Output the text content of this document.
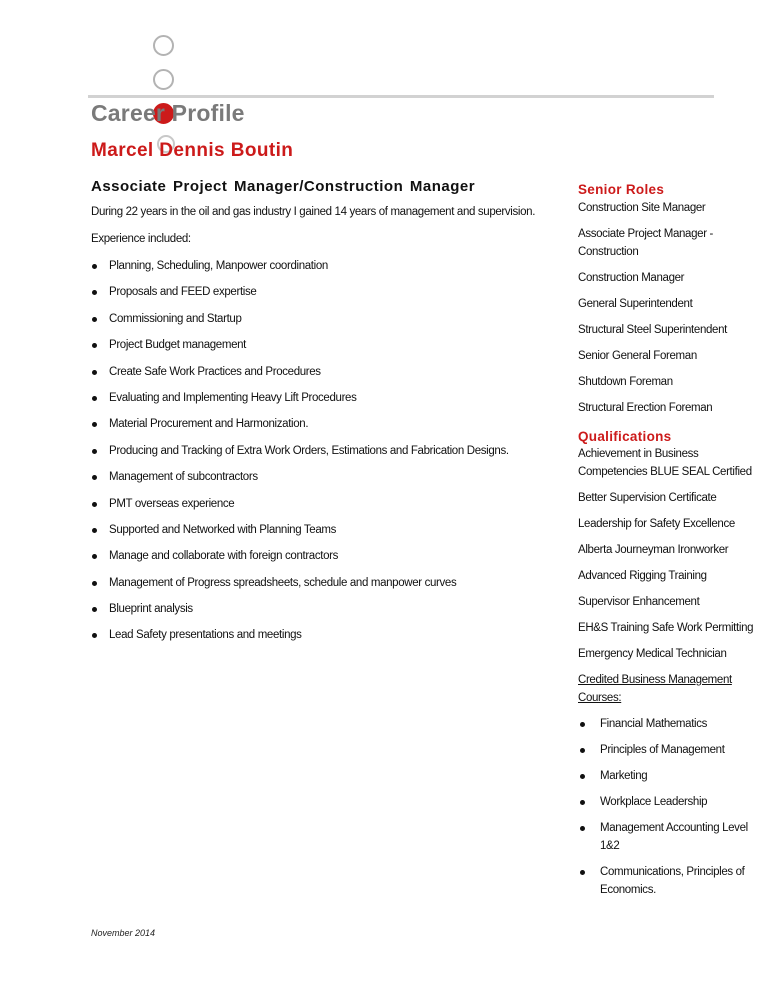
Career Profile
Marcel Dennis Boutin
Associate Project Manager/Construction Manager
During 22 years in the oil and gas industry I gained 14 years of management and supervision.
Experience included:
Planning, Scheduling, Manpower coordination
Proposals and FEED expertise
Commissioning and Startup
Project Budget management
Create Safe Work Practices and Procedures
Evaluating and Implementing Heavy Lift Procedures
Material Procurement and Harmonization.
Producing and Tracking of Extra Work Orders, Estimations and Fabrication Designs.
Management of subcontractors
PMT overseas experience
Supported and Networked with Planning Teams
Manage and collaborate with foreign contractors
Management of Progress spreadsheets, schedule and manpower curves
Blueprint analysis
Lead Safety presentations and meetings
Senior Roles
Construction Site Manager
Associate Project Manager - Construction
Construction Manager
General Superintendent
Structural Steel Superintendent
Senior General Foreman
Shutdown Foreman
Structural Erection Foreman
Qualifications
Achievement in Business Competencies BLUE SEAL Certified
Better Supervision Certificate
Leadership for Safety Excellence
Alberta Journeyman Ironworker
Advanced Rigging Training
Supervisor Enhancement
EH&S Training Safe Work Permitting
Emergency Medical Technician
Credited Business Management Courses:
Financial Mathematics
Principles of Management
Marketing
Workplace Leadership
Management Accounting Level 1&2
Communications, Principles of Economics.
November 2014
